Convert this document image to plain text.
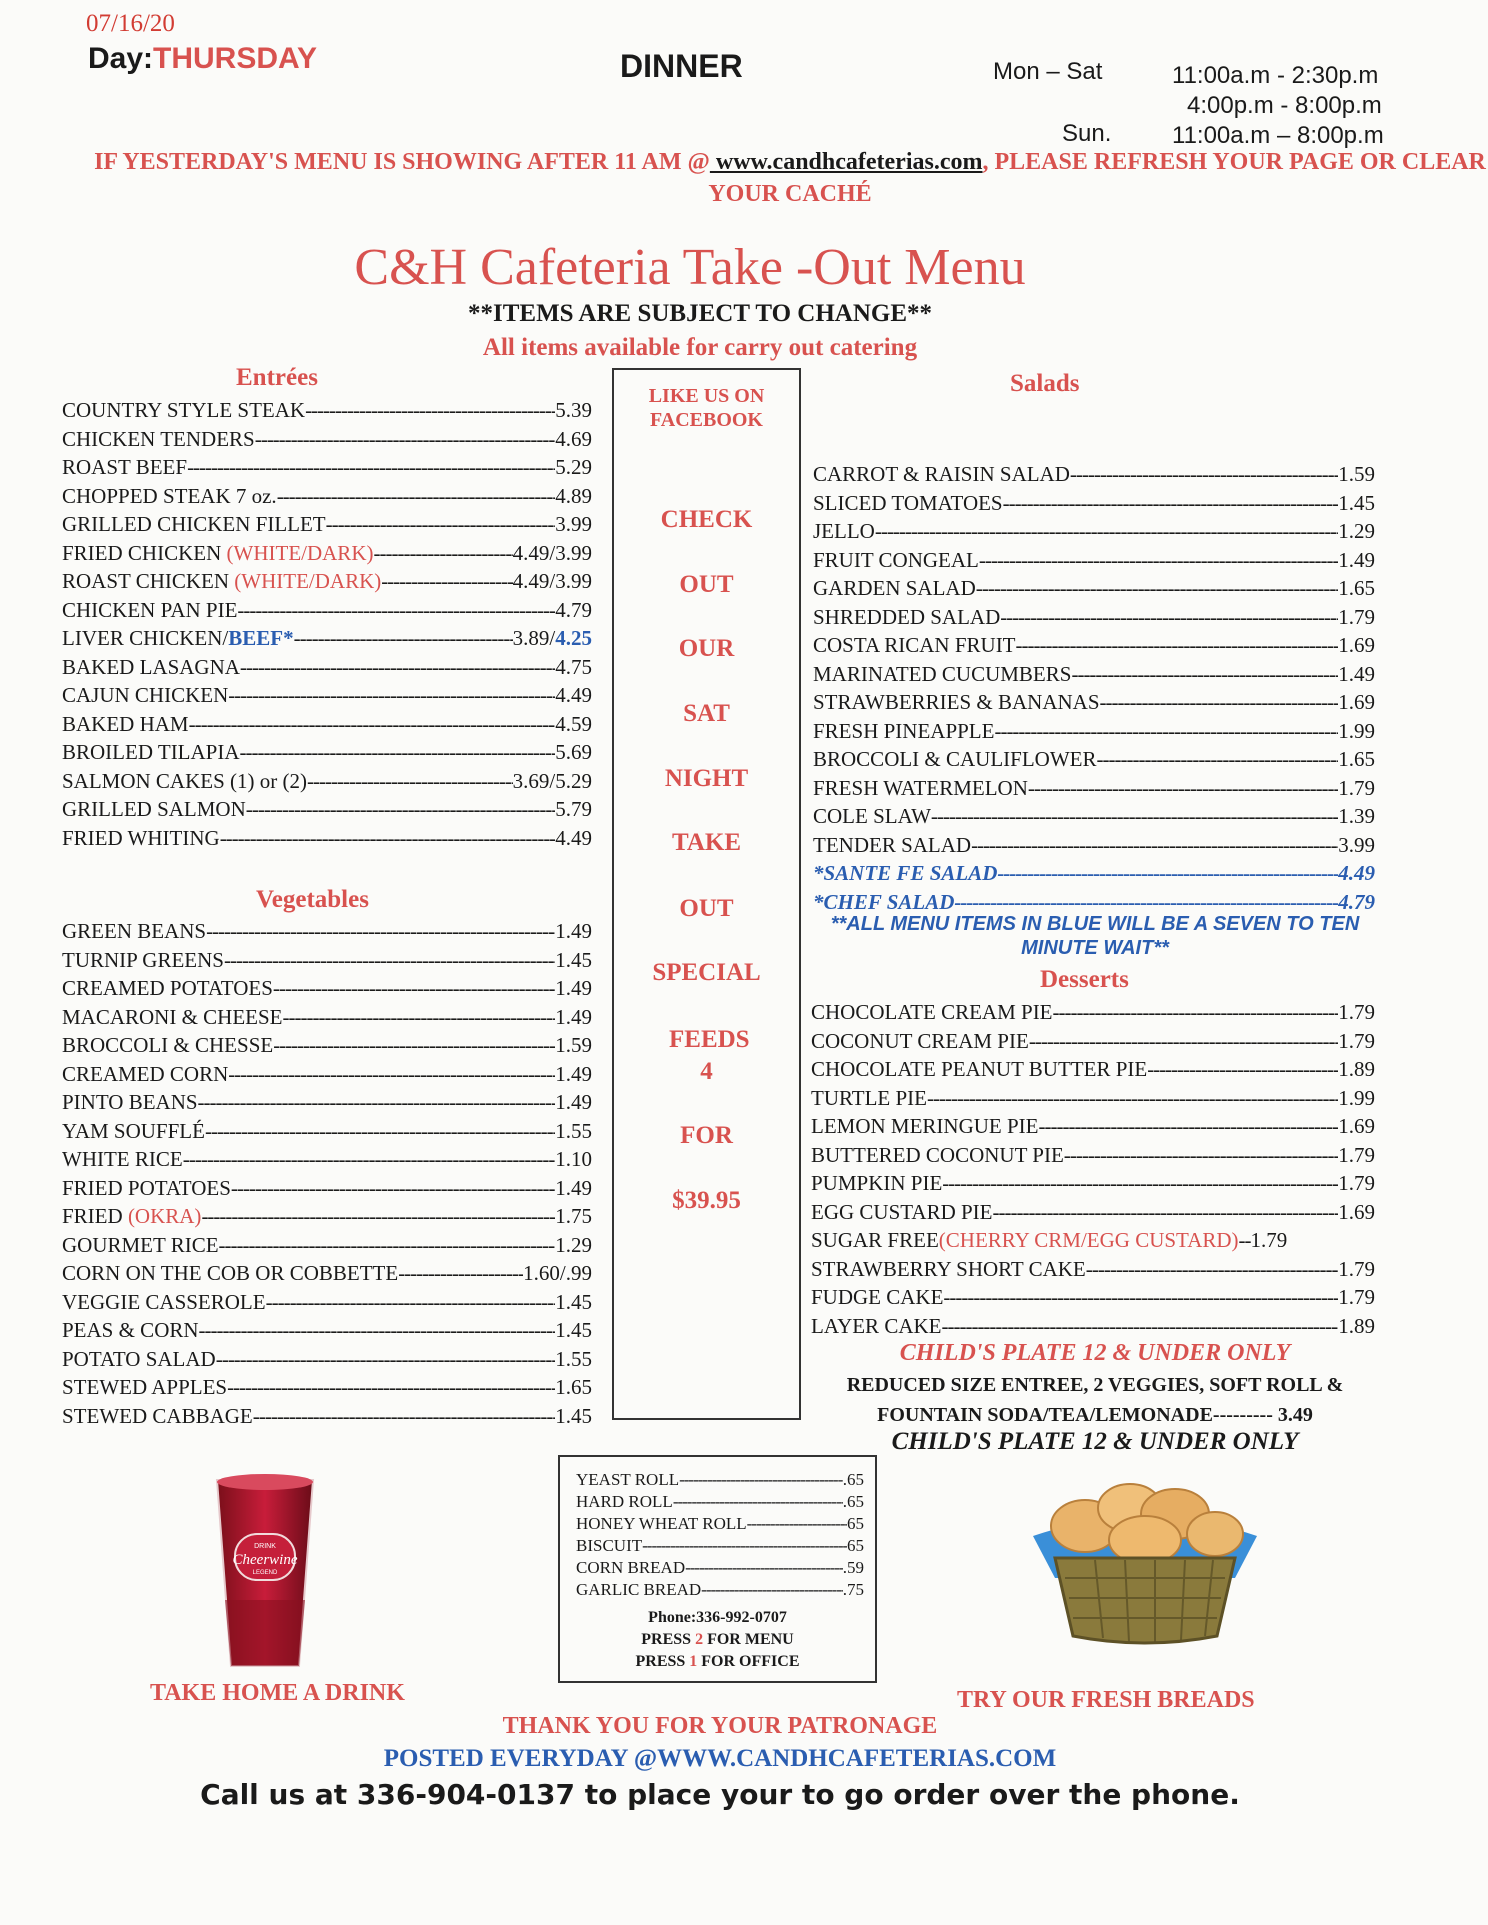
07/16/20
Day:THURSDAY	DINNER	Mon – Sat	11:00a.m - 2:30p.m
4:00p.m - 8:00p.m
Sun.	11:00a.m – 8:00p.m
IF YESTERDAY'S MENU IS SHOWING AFTER 11 AM @ www.candhcafeterias.com, PLEASE REFRESH YOUR PAGE OR CLEAR YOUR CACHÉ
C&H Cafeteria Take -Out Menu
**ITEMS ARE SUBJECT TO CHANGE**
All items available for carry out catering
Entrées
COUNTRY STYLE STEAK -----	5.39
CHICKEN TENDERS -----	4.69
ROAST BEEF -----	5.29
CHOPPED STEAK 7 oz. -----	4.89
GRILLED CHICKEN FILLET -----	3.99
FRIED CHICKEN (WHITE/DARK) -----	4.49/3.99
ROAST CHICKEN (WHITE/DARK) -----	4.49/3.99
CHICKEN PAN PIE -----	4.79
LIVER CHICKEN/BEEF* -----	3.89/4.25
BAKED LASAGNA -----	4.75
CAJUN CHICKEN -----	4.49
BAKED HAM -----	4.59
BROILED TILAPIA -----	5.69
SALMON CAKES (1) or (2) -----	3.69/5.29
GRILLED SALMON -----	5.79
FRIED WHITING -----	4.49
Vegetables
GREEN BEANS -----	1.49
TURNIP GREENS -----	1.45
CREAMED POTATOES -----	1.49
MACARONI & CHEESE -----	1.49
BROCCOLI & CHESSE -----	1.59
CREAMED CORN -----	1.49
PINTO BEANS -----	1.49
YAM SOUFFLÉ -----	1.55
WHITE RICE -----	1.10
FRIED POTATOES -----	1.49
FRIED (OKRA) -----	1.75
GOURMET RICE -----	1.29
CORN ON THE COB OR COBBETTE -----	1.60/.99
VEGGIE CASSEROLE -----	1.45
PEAS & CORN -----	1.45
POTATO SALAD -----	1.55
STEWED APPLES -----	1.65
STEWED CABBAGE -----	1.45
LIKE US ON FACEBOOK
CHECK
OUT
OUR
SAT
NIGHT
TAKE
OUT
SPECIAL
FEEDS 4
FOR
$39.95
Salads
CARROT & RAISIN SALAD -----	1.59
SLICED TOMATOES -----	1.45
JELLO -----	1.29
FRUIT CONGEAL -----	1.49
GARDEN SALAD -----	1.65
SHREDDED SALAD -----	1.79
COSTA RICAN FRUIT -----	1.69
MARINATED CUCUMBERS -----	1.49
STRAWBERRIES & BANANAS -----	1.69
FRESH PINEAPPLE -----	1.99
BROCCOLI & CAULIFLOWER -----	1.65
FRESH WATERMELON -----	1.79
COLE SLAW -----	1.39
TENDER SALAD -----	3.99
*SANTE FE SALAD -----	4.49
*CHEF SALAD -----	4.79
**ALL MENU ITEMS IN BLUE WILL BE A SEVEN TO TEN MINUTE WAIT**
Desserts
CHOCOLATE CREAM PIE -----	1.79
COCONUT CREAM PIE -----	1.79
CHOCOLATE PEANUT BUTTER PIE -----	1.89
TURTLE PIE -----	1.99
LEMON MERINGUE PIE -----	1.69
BUTTERED COCONUT PIE -----	1.79
PUMPKIN PIE -----	1.79
EGG CUSTARD PIE -----	1.69
SUGAR FREE(CHERRY CRM/EGG CUSTARD) ----- 1.79
STRAWBERRY SHORT CAKE -----	1.79
FUDGE CAKE -----	1.79
LAYER CAKE -----	1.89
CHILD'S PLATE 12 & UNDER ONLY
REDUCED SIZE ENTREE, 2 VEGGIES, SOFT ROLL &
FOUNTAIN SODA/TEA/LEMONADE--------- 3.49
CHILD'S PLATE 12 & UNDER ONLY
DRINK
Cheerwine
LEGEND
TAKE HOME A DRINK
YEAST ROLL -----	.65
HARD ROLL -----	.65
HONEY WHEAT ROLL -----	65
BISCUIT -----	65
CORN BREAD -----	.59
GARLIC BREAD -----	.75
Phone:336-992-0707
PRESS 2 FOR MENU
PRESS 1 FOR OFFICE
TRY OUR FRESH BREADS
THANK YOU FOR YOUR PATRONAGE
POSTED EVERYDAY @WWW.CANDHCAFETERIAS.COM
Call us at 336-904-0137 to place your to go order over the phone.
